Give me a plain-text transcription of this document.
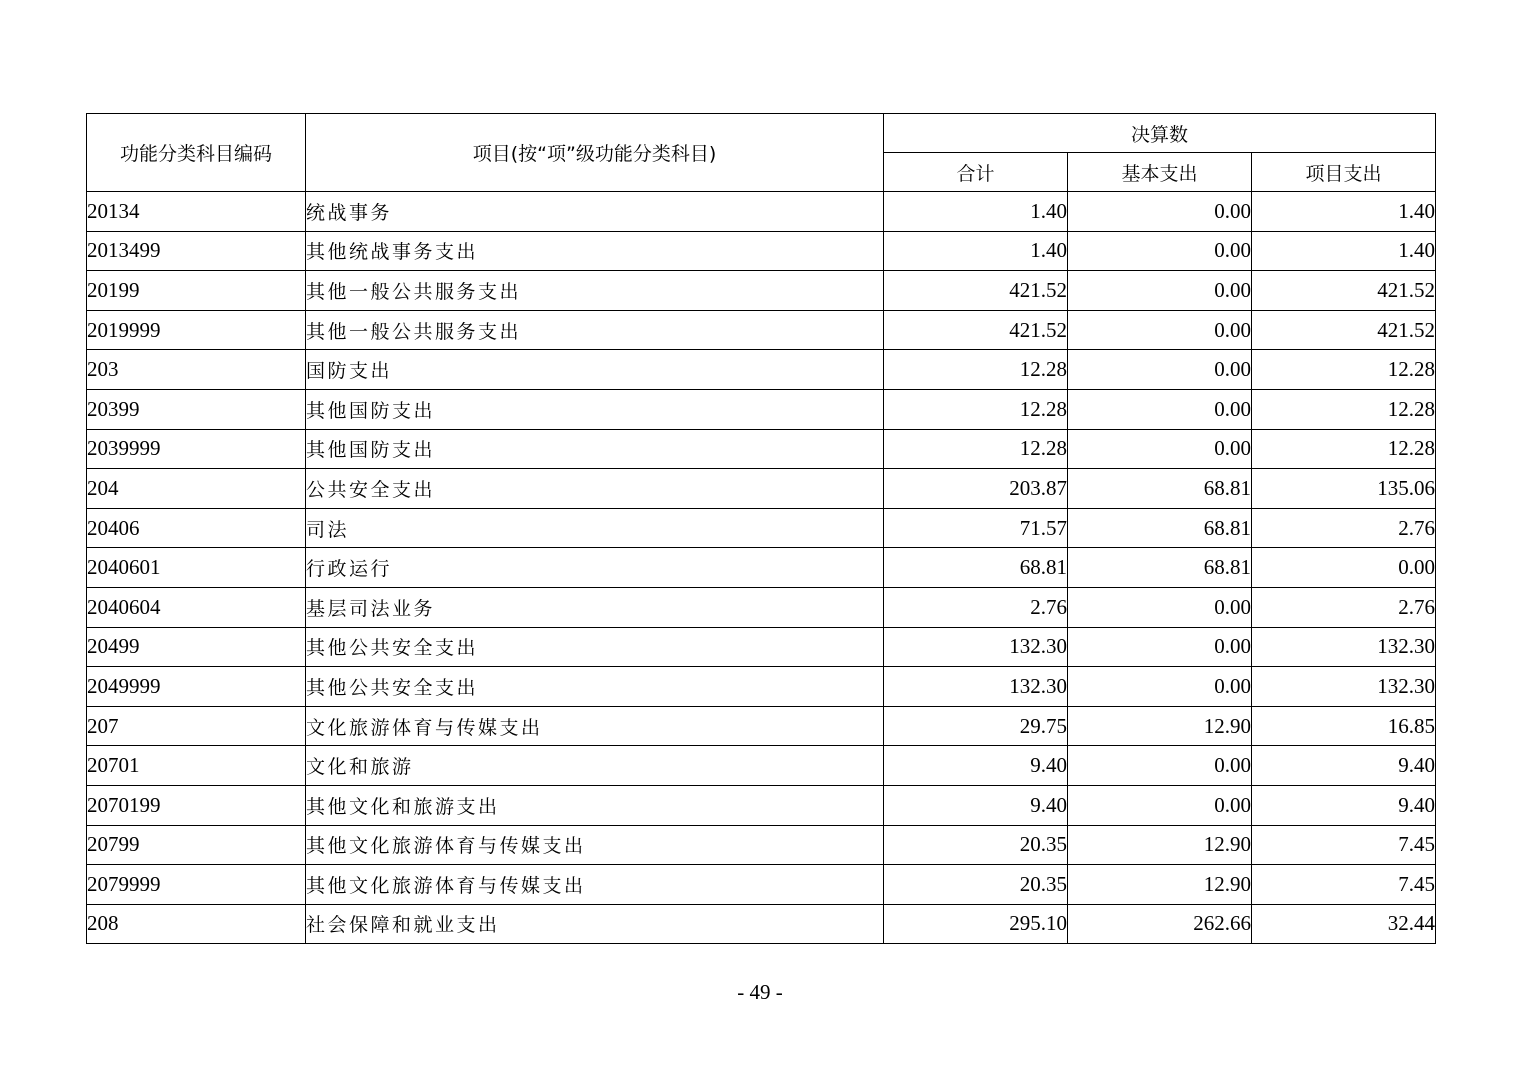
功能分类科目编码	项目(按“项”级功能分类科目)	决算数		
		合计	基本支出	项目支出
20134	统战事务	1.40	0.00	1.40
2013499	其他统战事务支出	1.40	0.00	1.40
20199	其他一般公共服务支出	421.52	0.00	421.52
2019999	其他一般公共服务支出	421.52	0.00	421.52
203	国防支出	12.28	0.00	12.28
20399	其他国防支出	12.28	0.00	12.28
2039999	其他国防支出	12.28	0.00	12.28
204	公共安全支出	203.87	68.81	135.06
20406	司法	71.57	68.81	2.76
2040601	行政运行	68.81	68.81	0.00
2040604	基层司法业务	2.76	0.00	2.76
20499	其他公共安全支出	132.30	0.00	132.30
2049999	其他公共安全支出	132.30	0.00	132.30
207	文化旅游体育与传媒支出	29.75	12.90	16.85
20701	文化和旅游	9.40	0.00	9.40
2070199	其他文化和旅游支出	9.40	0.00	9.40
20799	其他文化旅游体育与传媒支出	20.35	12.90	7.45
2079999	其他文化旅游体育与传媒支出	20.35	12.90	7.45
208	社会保障和就业支出	295.10	262.66	32.44
- 49 -
